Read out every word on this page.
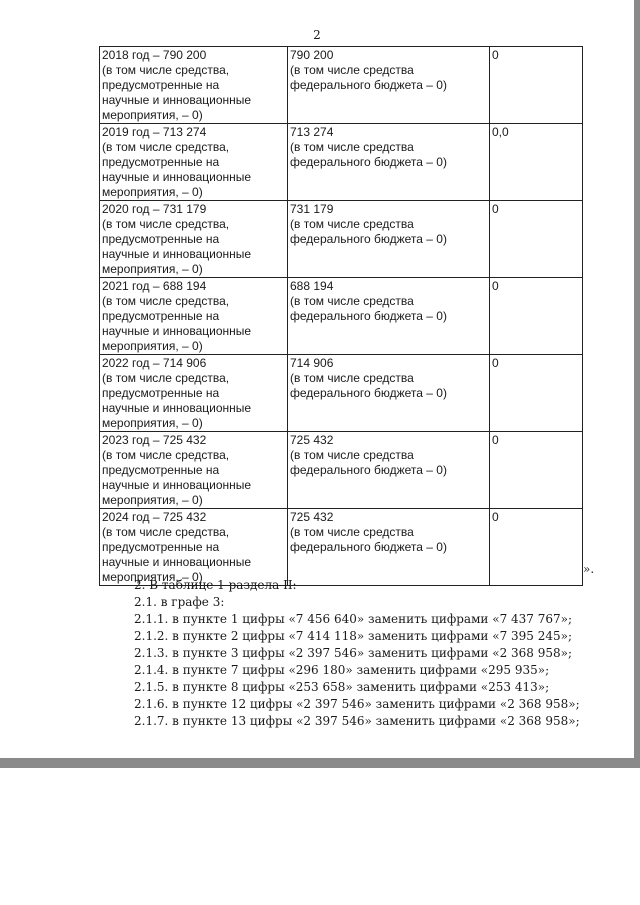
2
2018 год – 790 200
(в том числе средства,
предусмотренные на
научные и инновационные
мероприятия, – 0)	790 200
(в том числе средства
федерального бюджета – 0)	0

2019 год – 713 274
(в том числе средства,
предусмотренные на
научные и инновационные
мероприятия, – 0)	713 274
(в том числе средства
федерального бюджета – 0)	0,0

2020 год – 731 179
(в том числе средства,
предусмотренные на
научные и инновационные
мероприятия, – 0)	731 179
(в том числе средства
федерального бюджета – 0)	0

2021 год – 688 194
(в том числе средства,
предусмотренные на
научные и инновационные
мероприятия, – 0)	688 194
(в том числе средства
федерального бюджета – 0)	0

2022 год – 714 906
(в том числе средства,
предусмотренные на
научные и инновационные
мероприятия, – 0)	714 906
(в том числе средства
федерального бюджета – 0)	0

2023 год – 725 432
(в том числе средства,
предусмотренные на
научные и инновационные
мероприятия, – 0)	725 432
(в том числе средства
федерального бюджета – 0)	0

2024 год – 725 432
(в том числе средства,
предусмотренные на
научные и инновационные
мероприятия, – 0)	725 432
(в том числе средства
федерального бюджета – 0)	0
».
2. В таблице 1 раздела II:
2.1. в графе 3:
2.1.1. в пункте 1 цифры «7 456 640» заменить цифрами «7 437 767»;
2.1.2. в пункте 2 цифры «7 414 118» заменить цифрами «7 395 245»;
2.1.3. в пункте 3 цифры «2 397 546» заменить цифрами «2 368 958»;
2.1.4. в пункте 7 цифры «296 180» заменить цифрами «295 935»;
2.1.5. в пункте 8 цифры «253 658» заменить цифрами «253 413»;
2.1.6. в пункте 12 цифры «2 397 546» заменить цифрами «2 368 958»;
2.1.7. в пункте 13 цифры «2 397 546» заменить цифрами «2 368 958»;
